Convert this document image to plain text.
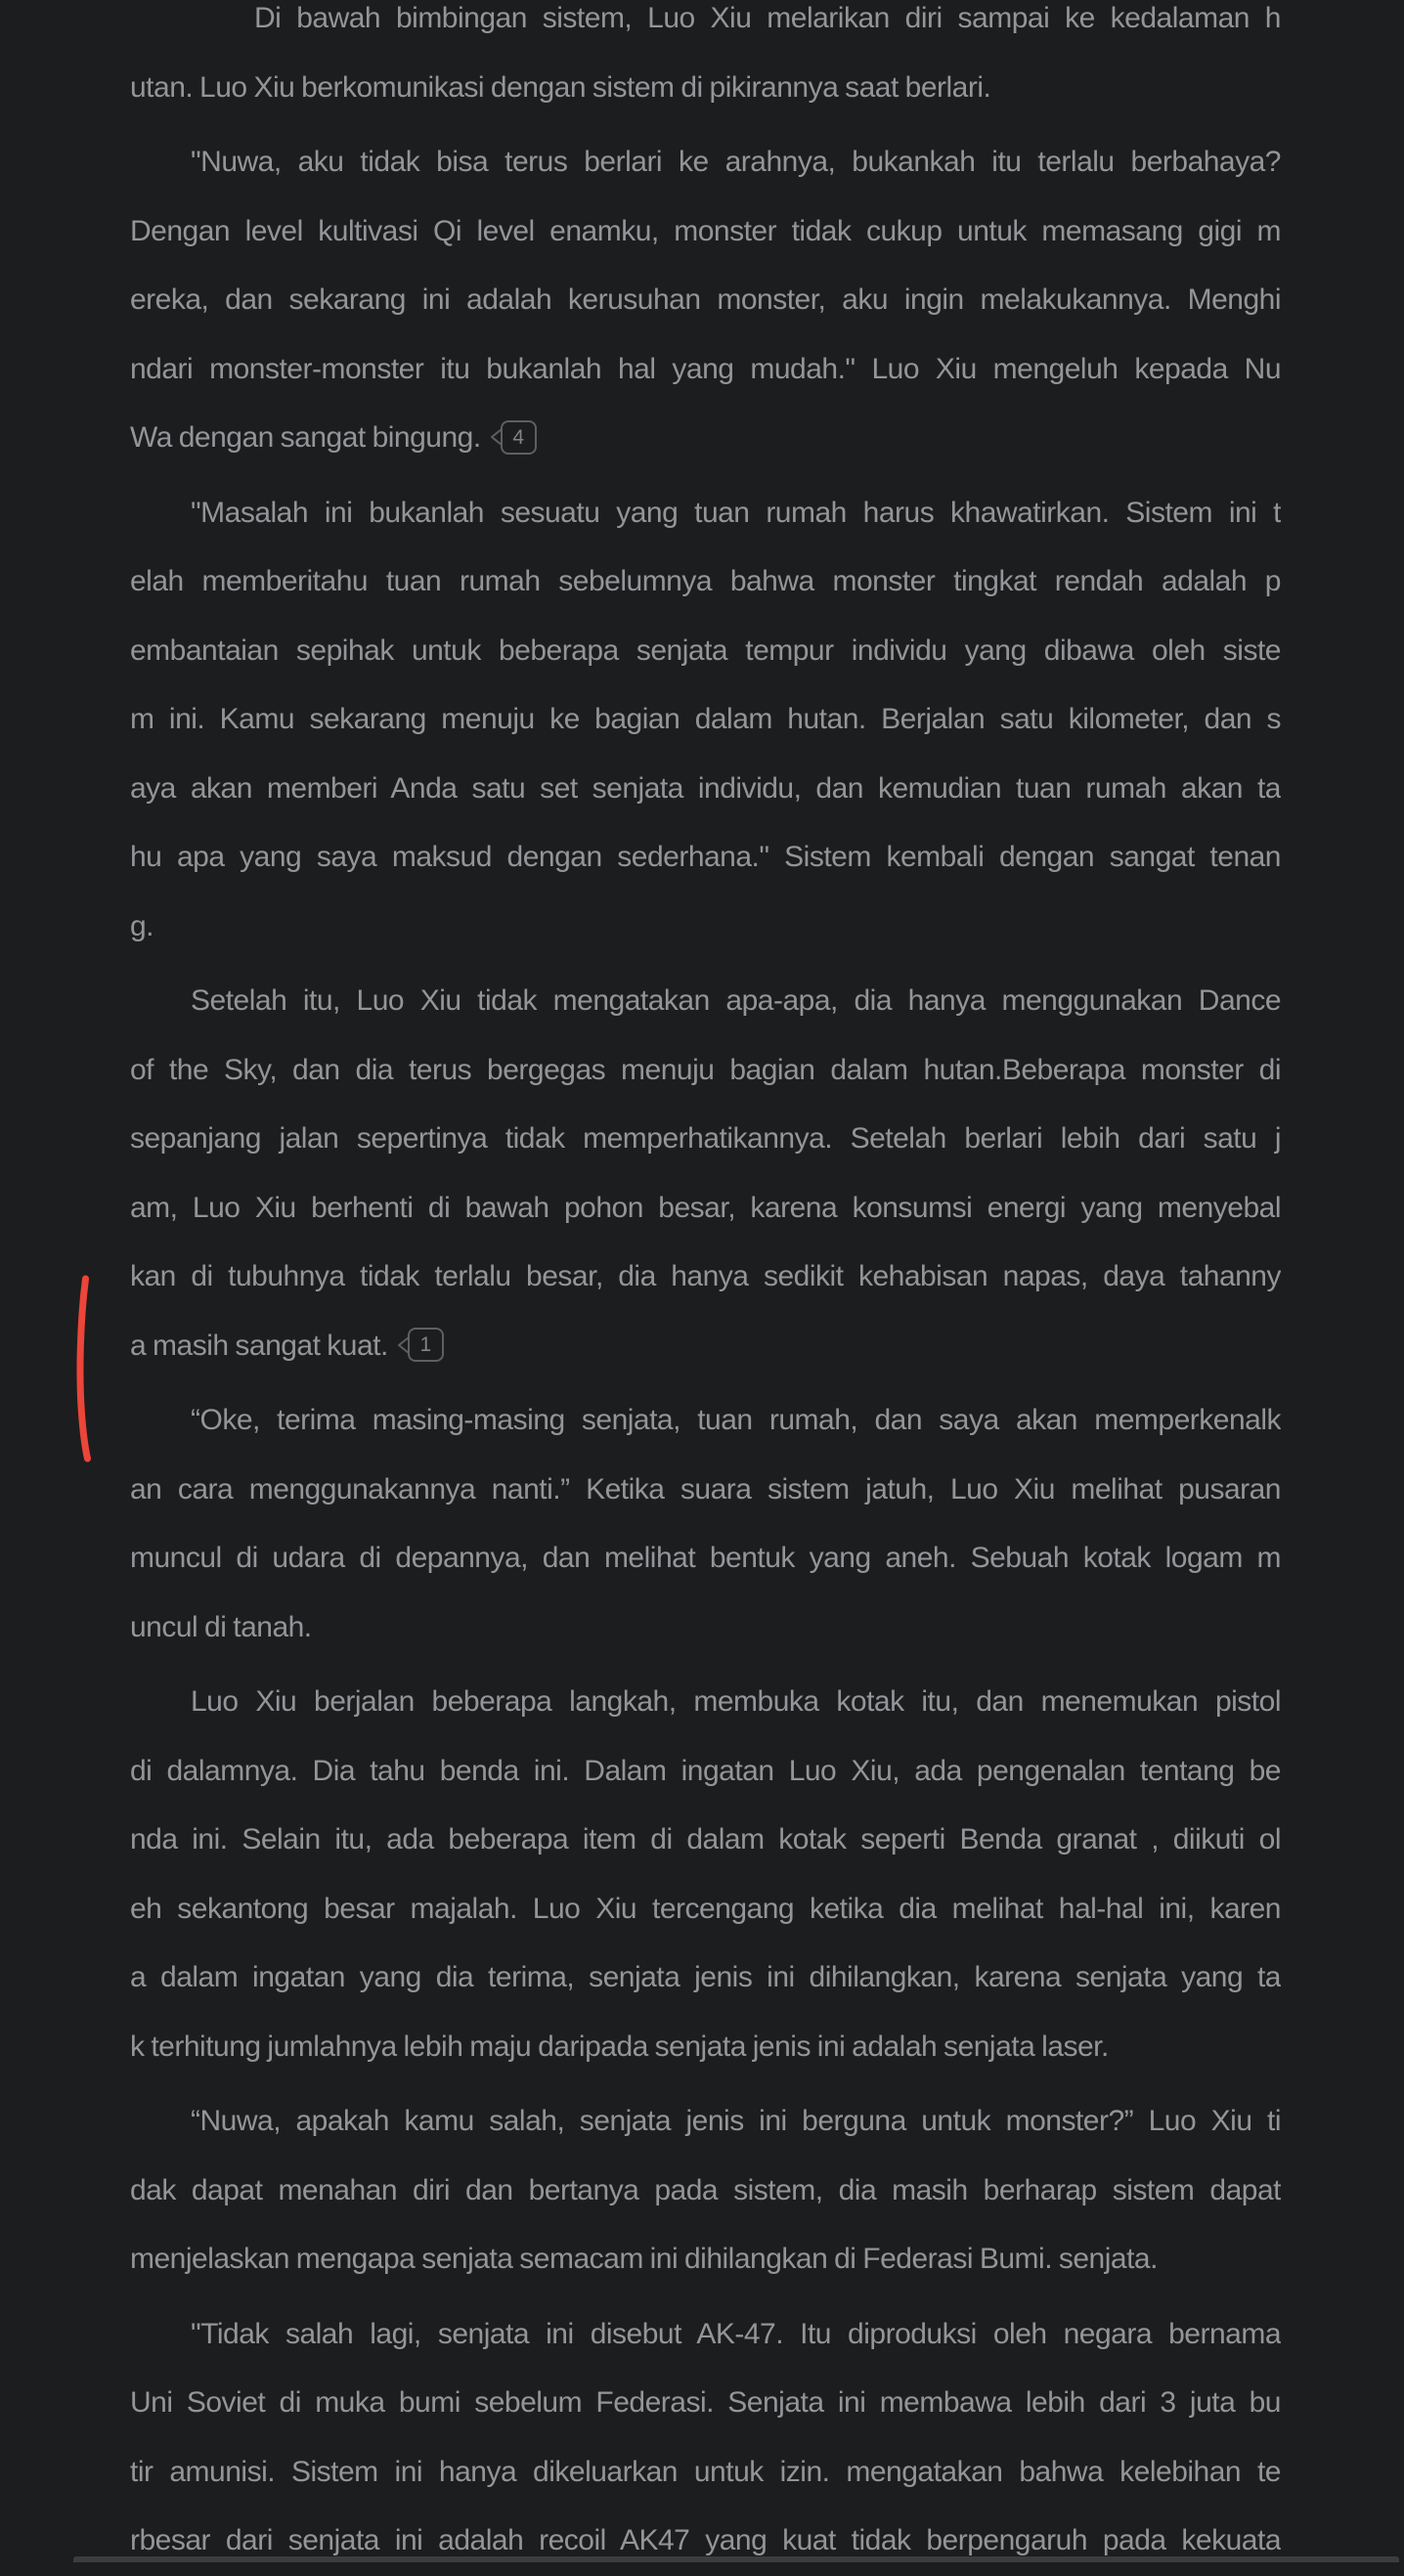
Di bawah bimbingan sistem, Luo Xiu melarikan diri sampai ke kedalaman h
utan. Luo Xiu berkomunikasi dengan sistem di pikirannya saat berlari.

"Nuwa, aku tidak bisa terus berlari ke arahnya, bukankah itu terlalu berbahaya?
Dengan level kultivasi Qi level enamku, monster tidak cukup untuk memasang gigi m
ereka, dan sekarang ini adalah kerusuhan monster, aku ingin melakukannya. Menghi
ndari monster-monster itu bukanlah hal yang mudah." Luo Xiu mengeluh kepada Nu
Wa dengan sangat bingung.	4

"Masalah ini bukanlah sesuatu yang tuan rumah harus khawatirkan. Sistem ini t
elah memberitahu tuan rumah sebelumnya bahwa monster tingkat rendah adalah p
embantaian sepihak untuk beberapa senjata tempur individu yang dibawa oleh siste
m ini. Kamu sekarang menuju ke bagian dalam hutan. Berjalan satu kilometer, dan s
aya akan memberi Anda satu set senjata individu, dan kemudian tuan rumah akan ta
hu apa yang saya maksud dengan sederhana." Sistem kembali dengan sangat tenan
g.

Setelah itu, Luo Xiu tidak mengatakan apa-apa, dia hanya menggunakan Dance
of the Sky, dan dia terus bergegas menuju bagian dalam hutan.Beberapa monster di
sepanjang jalan sepertinya tidak memperhatikannya. Setelah berlari lebih dari satu j
am, Luo Xiu berhenti di bawah pohon besar, karena konsumsi energi yang menyebal
kan di tubuhnya tidak terlalu besar, dia hanya sedikit kehabisan napas, daya tahanny
a masih sangat kuat.	1

“Oke, terima masing-masing senjata, tuan rumah, dan saya akan memperkenalk
an cara menggunakannya nanti.” Ketika suara sistem jatuh, Luo Xiu melihat pusaran
muncul di udara di depannya, dan melihat bentuk yang aneh. Sebuah kotak logam m
uncul di tanah.

Luo Xiu berjalan beberapa langkah, membuka kotak itu, dan menemukan pistol
di dalamnya. Dia tahu benda ini. Dalam ingatan Luo Xiu, ada pengenalan tentang be
nda ini. Selain itu, ada beberapa item di dalam kotak seperti Benda granat , diikuti ol
eh sekantong besar majalah. Luo Xiu tercengang ketika dia melihat hal-hal ini, karen
a dalam ingatan yang dia terima, senjata jenis ini dihilangkan, karena senjata yang ta
k terhitung jumlahnya lebih maju daripada senjata jenis ini adalah senjata laser.

“Nuwa, apakah kamu salah, senjata jenis ini berguna untuk monster?” Luo Xiu ti
dak dapat menahan diri dan bertanya pada sistem, dia masih berharap sistem dapat
menjelaskan mengapa senjata semacam ini dihilangkan di Federasi Bumi. senjata.

"Tidak salah lagi, senjata ini disebut AK-47. Itu diproduksi oleh negara bernama
Uni Soviet di muka bumi sebelum Federasi. Senjata ini membawa lebih dari 3 juta bu
tir amunisi. Sistem ini hanya dikeluarkan untuk izin. mengatakan bahwa kelebihan te
rbesar dari senjata ini adalah recoil AK47 yang kuat tidak berpengaruh pada kekuata
